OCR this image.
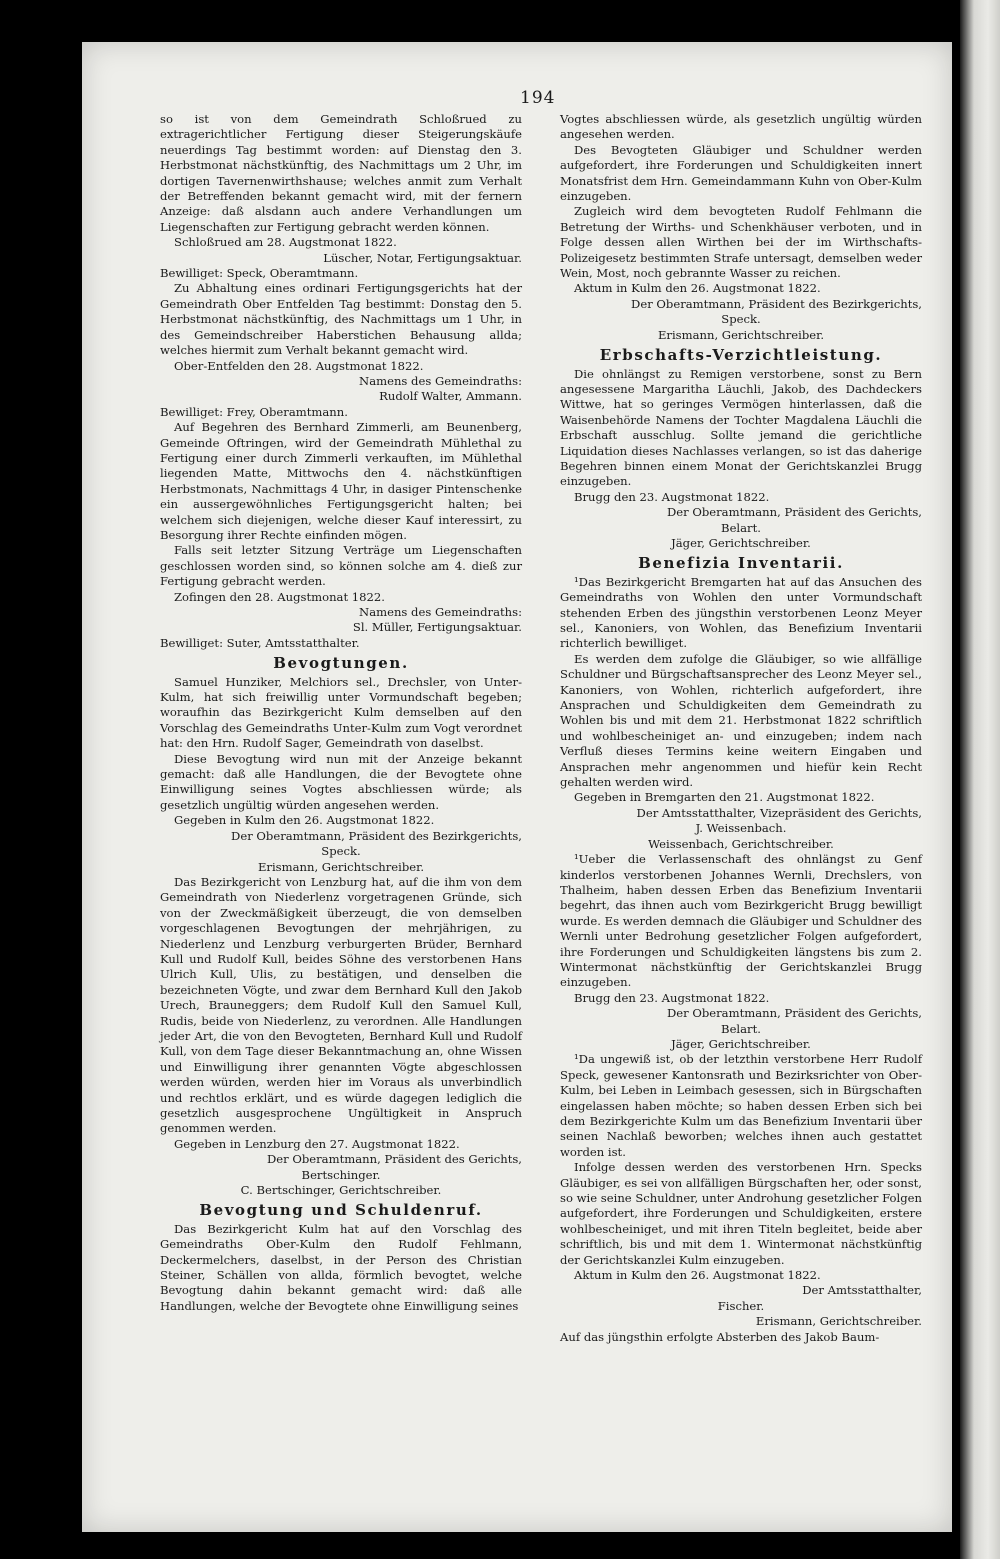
194

so ist von dem Gemeindrath Schloßrued zu extragerichtlicher Fertigung dieser Steigerungskäufe neuerdings Tag bestimmt worden: auf Dienstag den 3. Herbstmonat nächstkünftig, des Nachmittags um 2 Uhr, im dortigen Tavernenwirthshause; welches anmit zum Verhalt der Betreffenden bekannt gemacht wird, mit der fernern Anzeige: daß alsdann auch andere Verhandlungen um Liegenschaften zur Fertigung gebracht werden können.

Schloßrued am 28. Augstmonat 1822.

Lüscher, Notar, Fertigungsaktuar.

Bewilliget: Speck, Oberamtmann.

Zu Abhaltung eines ordinari Fertigungsgerichts hat der Gemeindrath Ober Entfelden Tag bestimmt: Donstag den 5. Herbstmonat nächstkünftig, des Nachmittags um 1 Uhr, in des Gemeindschreiber Haberstichen Behausung allda; welches hiermit zum Verhalt bekannt gemacht wird.

Ober-Entfelden den 28. Augstmonat 1822.

Namens des Gemeindraths:

Rudolf Walter, Ammann.

Bewilliget: Frey, Oberamtmann.

Auf Begehren des Bernhard Zimmerli, am Beunenberg, Gemeinde Oftringen, wird der Gemeindrath Mühlethal zu Fertigung einer durch Zimmerli verkauften, im Mühlethal liegenden Matte, Mittwochs den 4. nächstkünftigen Herbstmonats, Nachmittags 4 Uhr, in dasiger Pintenschenke ein aussergewöhnliches Fertigungsgericht halten; bei welchem sich diejenigen, welche dieser Kauf interessirt, zu Besorgung ihrer Rechte einfinden mögen.

Falls seit letzter Sitzung Verträge um Liegenschaften geschlossen worden sind, so können solche am 4. dieß zur Fertigung gebracht werden.

Zofingen den 28. Augstmonat 1822.

Namens des Gemeindraths:

Sl. Müller, Fertigungsaktuar.

Bewilliget: Suter, Amtsstatthalter.

Bevogtungen.

Samuel Hunziker, Melchiors sel., Drechsler, von Unter-Kulm, hat sich freiwillig unter Vormundschaft begeben; woraufhin das Bezirkgericht Kulm demselben auf den Vorschlag des Gemeindraths Unter-Kulm zum Vogt verordnet hat: den Hrn. Rudolf Sager, Gemeindrath von daselbst.

Diese Bevogtung wird nun mit der Anzeige bekannt gemacht: daß alle Handlungen, die der Bevogtete ohne Einwilligung seines Vogtes abschliessen würde; als gesetzlich ungültig würden angesehen werden.

Gegeben in Kulm den 26. Augstmonat 1822.

Der Oberamtmann, Präsident des Bezirkgerichts,

Speck.

Erismann, Gerichtschreiber.

Das Bezirkgericht von Lenzburg hat, auf die ihm von dem Gemeindrath von Niederlenz vorgetragenen Gründe, sich von der Zweckmäßigkeit überzeugt, die von demselben vorgeschlagenen Bevogtungen der mehrjährigen, zu Niederlenz und Lenzburg verburgerten Brüder, Bernhard Kull und Rudolf Kull, beides Söhne des verstorbenen Hans Ulrich Kull, Ulis, zu bestätigen, und denselben die bezeichneten Vögte, und zwar dem Bernhard Kull den Jakob Urech, Brauneggers; dem Rudolf Kull den Samuel Kull, Rudis, beide von Niederlenz, zu verordnen. Alle Handlungen jeder Art, die von den Bevogteten, Bernhard Kull und Rudolf Kull, von dem Tage dieser Bekanntmachung an, ohne Wissen und Einwilligung ihrer genannten Vögte abgeschlossen werden würden, werden hier im Voraus als unverbindlich und rechtlos erklärt, und es würde dagegen lediglich die gesetzlich ausgesprochene Ungültigkeit in Anspruch genommen werden.

Gegeben in Lenzburg den 27. Augstmonat 1822.

Der Oberamtmann, Präsident des Gerichts,

Bertschinger.

C. Bertschinger, Gerichtschreiber.

Bevogtung und Schuldenruf.

Das Bezirkgericht Kulm hat auf den Vorschlag des Gemeindraths Ober-Kulm den Rudolf Fehlmann, Deckermelchers, daselbst, in der Person des Christian Steiner, Schällen von allda, förmlich bevogtet, welche Bevogtung dahin bekannt gemacht wird: daß alle Handlungen, welche der Bevogtete ohne Einwilligung seines

Vogtes abschliessen würde, als gesetzlich ungültig würden angesehen werden.

Des Bevogteten Gläubiger und Schuldner werden aufgefordert, ihre Forderungen und Schuldigkeiten innert Monatsfrist dem Hrn. Gemeindammann Kuhn von Ober-Kulm einzugeben.

Zugleich wird dem bevogteten Rudolf Fehlmann die Betretung der Wirths- und Schenkhäuser verboten, und in Folge dessen allen Wirthen bei der im Wirthschafts-Polizeigesetz bestimmten Strafe untersagt, demselben weder Wein, Most, noch gebrannte Wasser zu reichen.

Aktum in Kulm den 26. Augstmonat 1822.

Der Oberamtmann, Präsident des Bezirkgerichts,

Speck.

Erismann, Gerichtschreiber.

Erbschafts-Verzichtleistung.

Die ohnlängst zu Remigen verstorbene, sonst zu Bern angesessene Margaritha Läuchli, Jakob, des Dachdeckers Wittwe, hat so geringes Vermögen hinterlassen, daß die Waisenbehörde Namens der Tochter Magdalena Läuchli die Erbschaft ausschlug. Sollte jemand die gerichtliche Liquidation dieses Nachlasses verlangen, so ist das daherige Begehren binnen einem Monat der Gerichtskanzlei Brugg einzugeben.

Brugg den 23. Augstmonat 1822.

Der Oberamtmann, Präsident des Gerichts,

Belart.

Jäger, Gerichtschreiber.

Benefizia Inventarii.

¹Das Bezirkgericht Bremgarten hat auf das Ansuchen des Gemeindraths von Wohlen den unter Vormundschaft stehenden Erben des jüngsthin verstorbenen Leonz Meyer sel., Kanoniers, von Wohlen, das Benefizium Inventarii richterlich bewilliget.

Es werden dem zufolge die Gläubiger, so wie allfällige Schuldner und Bürgschaftsansprecher des Leonz Meyer sel., Kanoniers, von Wohlen, richterlich aufgefordert, ihre Ansprachen und Schuldigkeiten dem Gemeindrath zu Wohlen bis und mit dem 21. Herbstmonat 1822 schriftlich und wohlbescheiniget an- und einzugeben; indem nach Verfluß dieses Termins keine weitern Eingaben und Ansprachen mehr angenommen und hiefür kein Recht gehalten werden wird.

Gegeben in Bremgarten den 21. Augstmonat 1822.

Der Amtsstatthalter, Vizepräsident des Gerichts,

J. Weissenbach.

Weissenbach, Gerichtschreiber.

¹Ueber die Verlassenschaft des ohnlängst zu Genf kinderlos verstorbenen Johannes Wernli, Drechslers, von Thalheim, haben dessen Erben das Benefizium Inventarii begehrt, das ihnen auch vom Bezirkgericht Brugg bewilligt wurde. Es werden demnach die Gläubiger und Schuldner des Wernli unter Bedrohung gesetzlicher Folgen aufgefordert, ihre Forderungen und Schuldigkeiten längstens bis zum 2. Wintermonat nächstkünftig der Gerichtskanzlei Brugg einzugeben.

Brugg den 23. Augstmonat 1822.

Der Oberamtmann, Präsident des Gerichts,

Belart.

Jäger, Gerichtschreiber.

¹Da ungewiß ist, ob der letzthin verstorbene Herr Rudolf Speck, gewesener Kantonsrath und Bezirksrichter von Ober-Kulm, bei Leben in Leimbach gesessen, sich in Bürgschaften eingelassen haben möchte; so haben dessen Erben sich bei dem Bezirkgerichte Kulm um das Benefizium Inventarii über seinen Nachlaß beworben; welches ihnen auch gestattet worden ist.

Infolge dessen werden des verstorbenen Hrn. Specks Gläubiger, es sei von allfälligen Bürgschaften her, oder sonst, so wie seine Schuldner, unter Androhung gesetzlicher Folgen aufgefordert, ihre Forderungen und Schuldigkeiten, erstere wohlbescheiniget, und mit ihren Titeln begleitet, beide aber schriftlich, bis und mit dem 1. Wintermonat nächstkünftig der Gerichtskanzlei Kulm einzugeben.

Aktum in Kulm den 26. Augstmonat 1822.

Der Amtsstatthalter,

Fischer.

Erismann, Gerichtschreiber.

Auf das jüngsthin erfolgte Absterben des Jakob Baum-
